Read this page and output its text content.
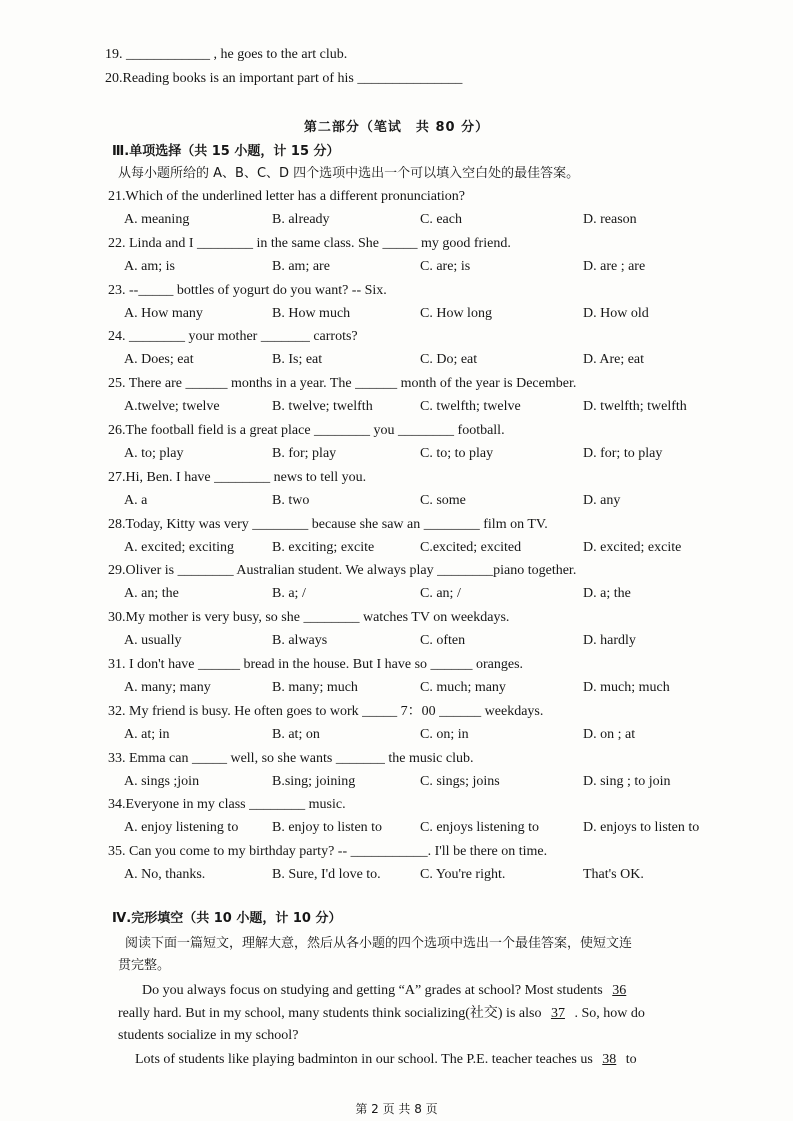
19. ____________ , he goes to the art club.
20.Reading books is an important part of his _______________
第二部分（笔试　共 80 分）
Ⅲ.单项选择（共 15 小题，计 15 分）
从每小题所给的 A、B、C、D 四个选项中选出一个可以填入空白处的最佳答案。
21.Which of the underlined letter has a different pronunciation?
A. meaning	B. already	C. each	D. reason
22. Linda and I ________ in the same class. She _____ my good friend.
A. am; is	B. am; are	C. are; is	D. are ; are
23. --_____ bottles of yogurt do you want? -- Six.
A. How many	B. How much	C. How long	D. How old
24. ________ your mother _______ carrots?
A. Does; eat	B. Is; eat	C. Do; eat	D. Are; eat
25. There are ______ months in a year. The ______ month of the year is December.
A.twelve; twelve	B. twelve; twelfth	C. twelfth; twelve	D. twelfth; twelfth
26.The football field is a great place ________ you ________ football.
A. to; play	B. for; play	C. to; to play	D. for; to play
27.Hi, Ben. I have ________ news to tell you.
A. a	B. two	C. some	D. any
28.Today, Kitty was very ________ because she saw an ________ film on TV.
A. excited; exciting	B. exciting; excite	C.excited; excited	D. excited; excite
29.Oliver is ________ Australian student. We always play ________piano together.
A. an; the	B. a; /	C. an; /	D. a; the
30.My mother is very busy, so she ________ watches TV on weekdays.
A. usually	B. always	C. often	D. hardly
31. I don't have ______ bread in the house. But I have so ______ oranges.
A. many; many	B. many; much	C. much; many	D. much; much
32. My friend is busy. He often goes to work _____ 7：00 ______ weekdays.
A. at; in	B. at; on	C. on; in	D. on ; at
33. Emma can _____ well, so she wants _______ the music club.
A. sings ;join	B.sing; joining	C. sings; joins	D. sing ; to join
34.Everyone in my class ________ music.
A. enjoy listening to B. enjoy to listen to	C. enjoys listening to	D. enjoys to listen to
35. Can you come to my birthday party? -- ___________. I'll be there on time.
A. No, thanks.	B. Sure, I'd love to.	C. You're right.	That's OK.
Ⅳ.完形填空（共 10 小题，计 10 分）
阅读下面一篇短文，理解大意，然后从各小题的四个选项中选出一个最佳答案，使短文连
贯完整。
Do you always focus on studying and getting “A” grades at school? Most students 36
really hard. But in my school, many students think socializing(社交) is also 37 . So, how do
students socialize in my school?
Lots of students like playing badminton in our school. The P.E. teacher teaches us 38 to
第 2 页 共 8 页
